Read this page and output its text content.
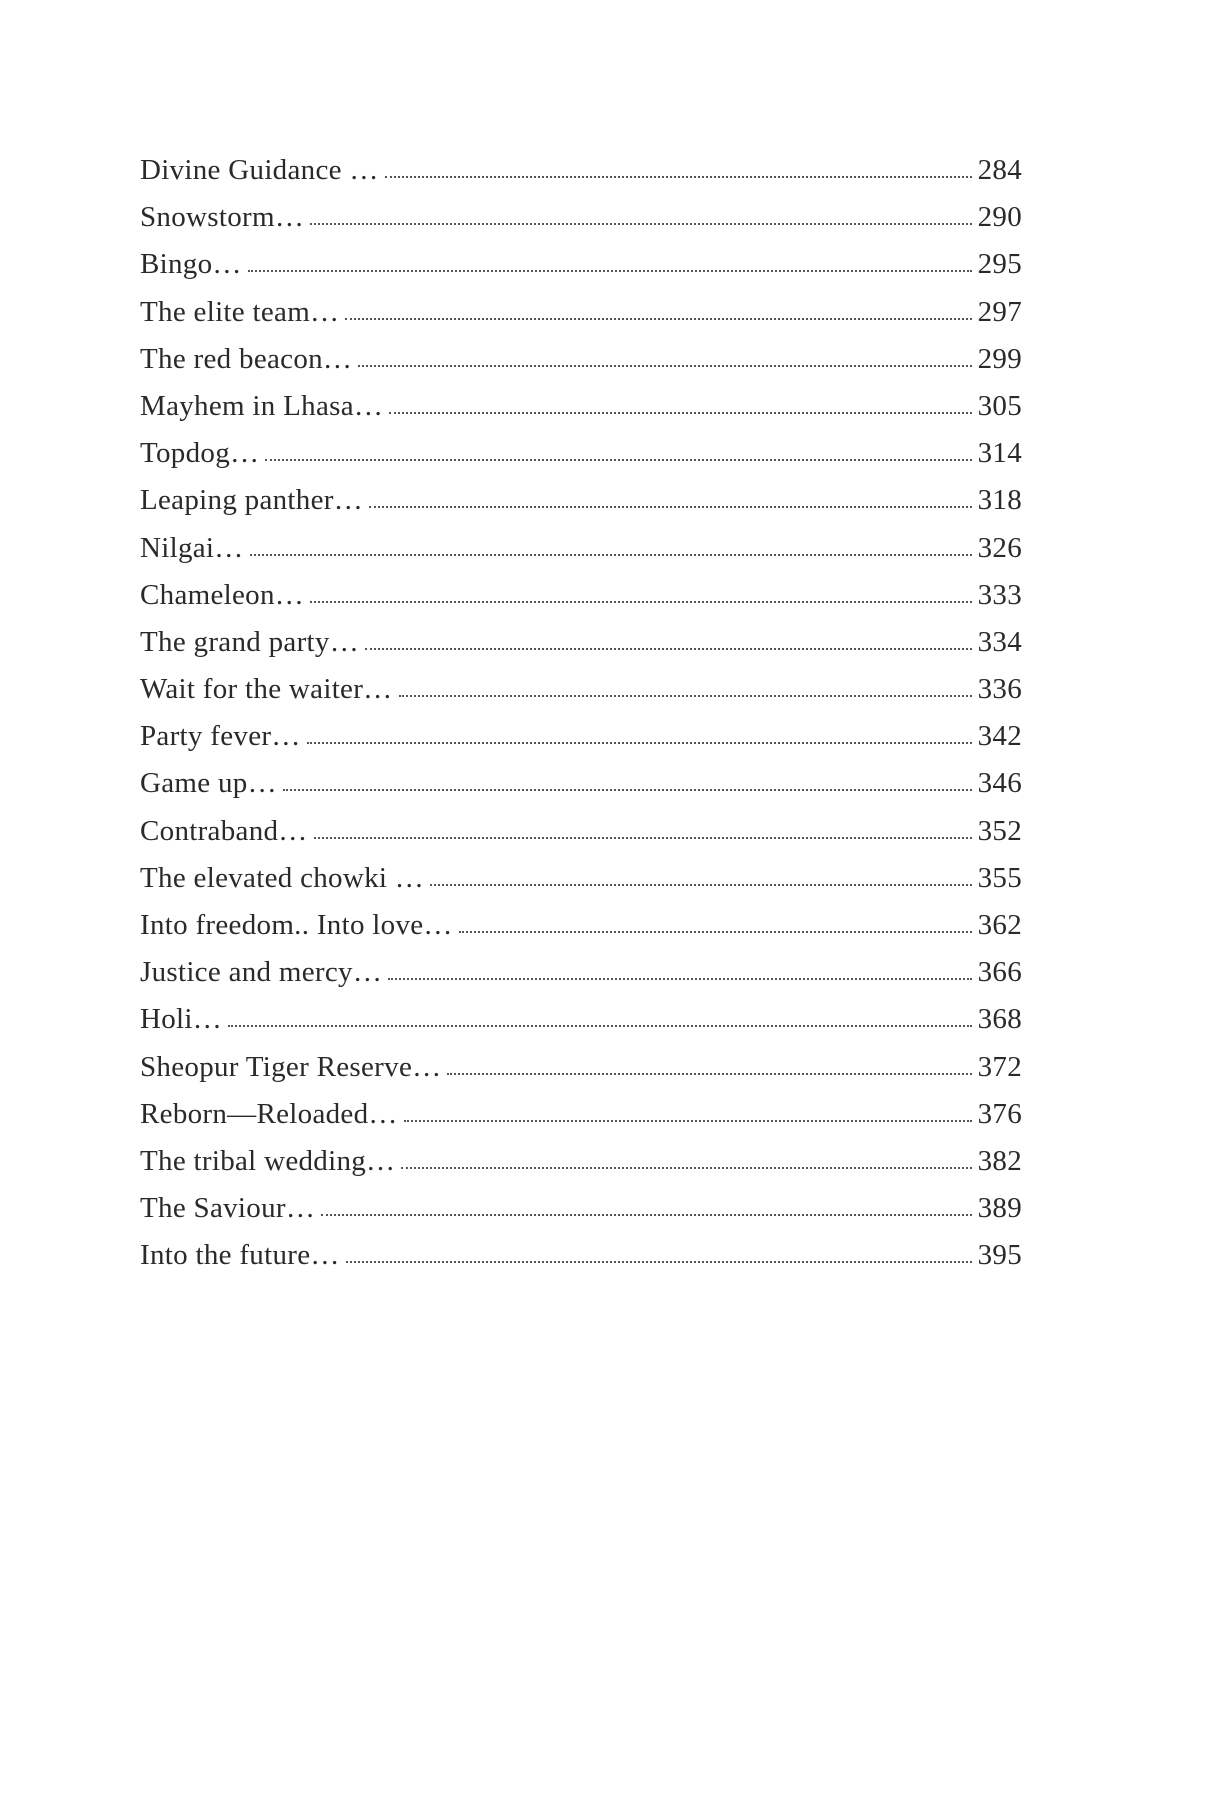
Divine Guidance …	284
Snowstorm…	290
Bingo…	295
The elite team…	297
The red beacon…	299
Mayhem in Lhasa…	305
Topdog…	314
Leaping panther…	318
Nilgai…	326
Chameleon…	333
The grand party…	334
Wait for the waiter…	336
Party fever…	342
Game up…	346
Contraband…	352
The elevated chowki …	355
Into freedom.. Into love…	362
Justice and mercy…	366
Holi…	368
Sheopur Tiger Reserve…	372
Reborn—Reloaded…	376
The tribal wedding…	382
The Saviour…	389
Into the future…	395
